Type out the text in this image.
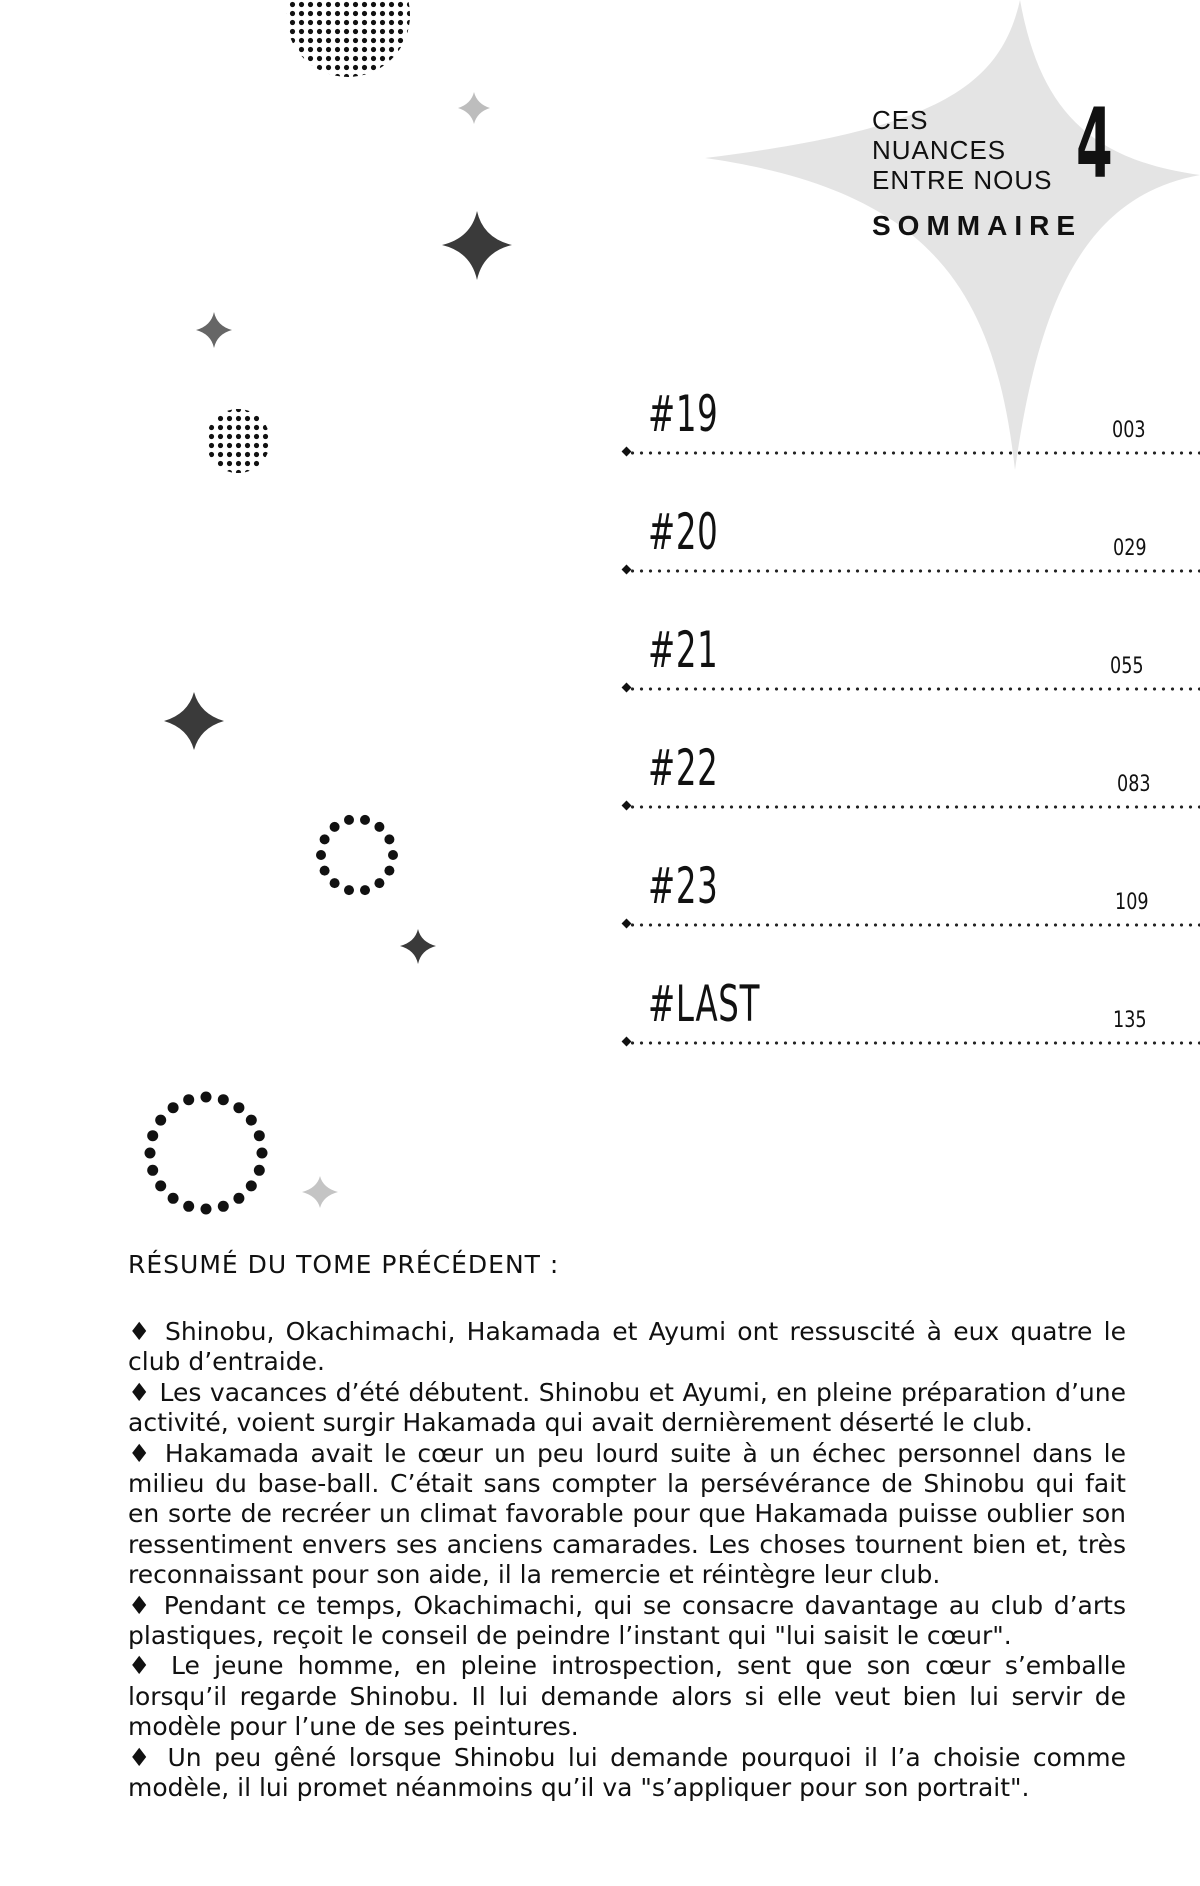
CES
NUANCES
ENTRE NOUS 4
SOMMAIRE
#19	003
#20	029
#21	055
#22	083
#23	109
#LAST	135
RÉSUMÉ DU TOME PRÉCÉDENT :

♦ Shinobu, Okachimachi, Hakamada et Ayumi ont ressuscité à eux quatre le club d’entraide.

♦ Les vacances d’été débutent. Shinobu et Ayumi, en pleine préparation d’une activité, voient surgir Hakamada qui avait dernièrement déserté le club.

♦ Hakamada avait le cœur un peu lourd suite à un échec personnel dans le milieu du base-ball. C’était sans compter la persévérance de Shinobu qui fait en sorte de recréer un climat favorable pour que Hakamada puisse oublier son ressentiment envers ses anciens camarades. Les choses tournent bien et, très reconnaissant pour son aide, il la remercie et réintègre leur club.

♦ Pendant ce temps, Okachimachi, qui se consacre davantage au club d’arts plastiques, reçoit le conseil de peindre l’instant qui "lui saisit le cœur".

♦ Le jeune homme, en pleine introspection, sent que son cœur s’emballe lorsqu’il regarde Shinobu. Il lui demande alors si elle veut bien lui servir de modèle pour l’une de ses peintures.

♦ Un peu gêné lorsque Shinobu lui demande pourquoi il l’a choisie comme modèle, il lui promet néanmoins qu’il va "s’appliquer pour son portrait".
